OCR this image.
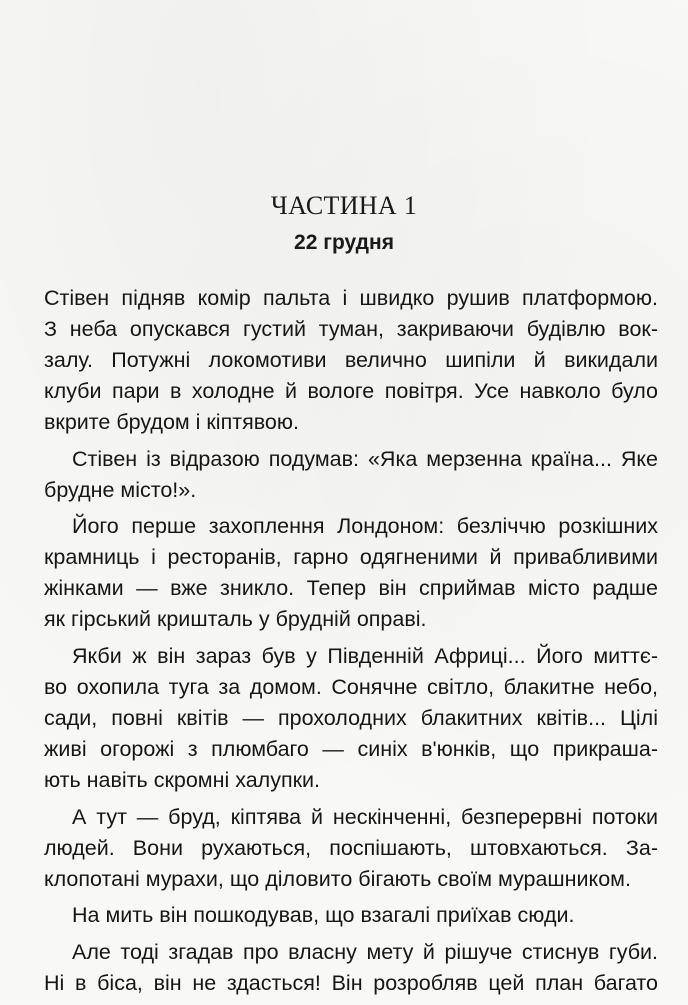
ЧАСТИНА 1
22 грудня
Стівен підняв комір пальта і швидко рушив платформою.
З неба опускався густий туман, закриваючи будівлю вок-
залу. Потужні локомотиви велично шипіли й викидали
клуби пари в холодне й вологе повітря. Усе навколо було
вкрите брудом і кіптявою.
Стівен із відразою подумав: «Яка мерзенна країна... Яке
брудне місто!».
Його перше захоплення Лондоном: безліччю розкішних
крамниць і ресторанів, гарно одягненими й привабливими
жінками — вже зникло. Тепер він сприймав місто радше
як гірський кришталь у брудній оправі.
Якби ж він зараз був у Південній Африці... Його миттє-
во охопила туга за домом. Сонячне світло, блакитне небо,
сади, повні квітів — прохолодних блакитних квітів... Цілі
живі огорожі з плюмбаго — синіх в'юнків, що прикраша-
ють навіть скромні халупки.
А тут — бруд, кіптява й нескінченні, безперервні потоки
людей. Вони рухаються, поспішають, штовхаються. За-
клопотані мурахи, що діловито бігають своїм мурашником.
На мить він пошкодував, що взагалі приїхав сюди.
Але тоді згадав про власну мету й рішуче стиснув губи.
Ні в біса, він не здасться! Він розробляв цей план багато
